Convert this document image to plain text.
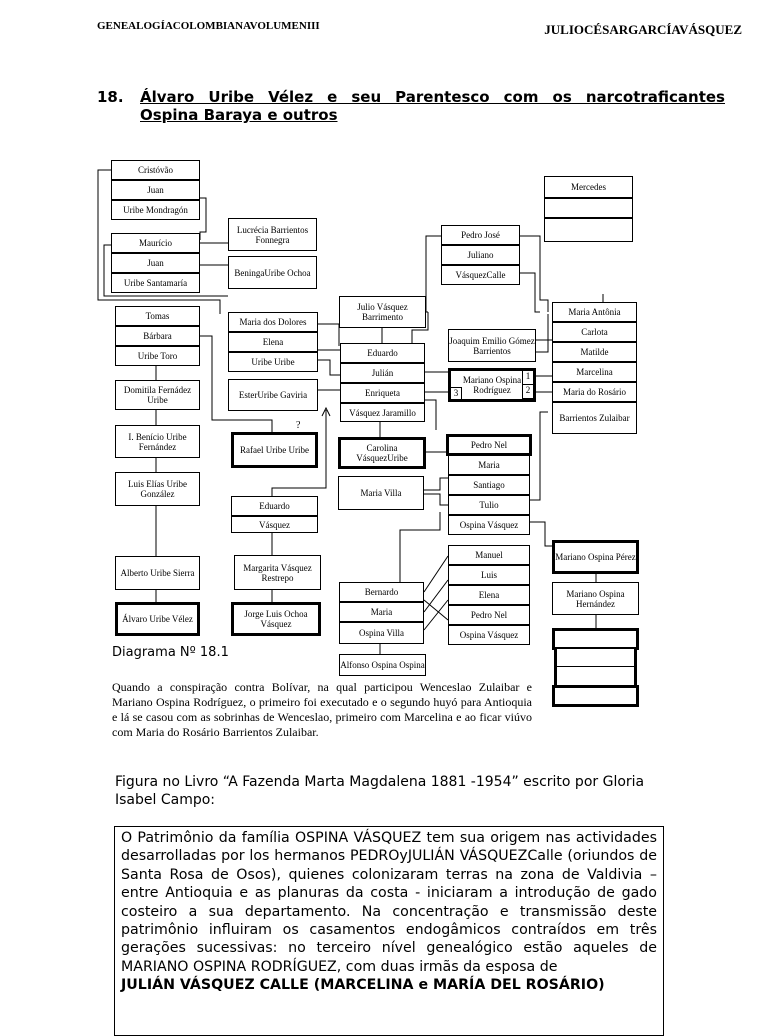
GENEALOGÍACOLOMBIANAVOLUMENIII	JULIOCÉSARGARCÍAVÁSQUEZ
18. Álvaro Uribe Vélez e seu Parentesco com os narcotraficantes
Ospina Baraya e outros
?
Cristóvão
Juan
Uribe Mondragón
Maurício
Juan
Uribe Santamaría
Lucrécia Barrientos Fonnegra
BeningaUribe Ochoa
Tomas
Bárbara
Uribe Toro
Domitila Fernádez Uribe
I. Benício Uribe Fernández
Luis Elías Uribe González
Alberto Uribe Sierra
Álvaro Uribe Vélez
Maria dos Dolores
Elena
Uribe Uribe
EsterUribe Gaviria
Rafael Uribe Uribe
Eduardo
Vásquez
Margarita Vásquez Restrepo
Jorge Luis Ochoa Vásquez
Julio Vásquez Barrimento
Eduardo
Julián
Enriqueta
Vásquez Jaramillo
Carolina VásquezUribe
Maria Villa
Pedro José
Juliano
VásquezCalle
Joaquim Emilio Gómez Barrientos
Mariano Ospina Rodríguez
1
2
3
Pedro Nel
Maria
Santiago
Tulio
Ospina Vásquez
Manuel
Luis
Elena
Pedro Nel
Ospina Vásquez
Bernardo
Maria
Ospina Villa
Alfonso Ospina Ospina
Mercedes
Maria Antônia
Carlota
Matilde
Marcelina
Maria do Rosário
Barrientos Zulaibar
Mariano Ospina Pérez
Mariano Ospina Hernández
Diagrama Nº 18.1
Quando a conspiração contra Bolívar, na qual participou Wenceslao Zulaibar e Mariano Ospina Rodríguez, o primeiro foi executado e o segundo huyó para Antioquia e lá se casou com as sobrinhas de Wenceslao, primeiro com Marcelina e ao ficar viúvo com Maria do Rosário Barrientos Zulaibar.
Figura no Livro “A Fazenda Marta Magdalena 1881 -1954” escrito por Gloria Isabel Campo:
O Patrimônio da família OSPINA VÁSQUEZ tem sua origem nas actividades desarrolladas por los hermanos PEDROyJULIÁN VÁSQUEZCalle (oriundos de Santa Rosa de Osos), quienes colonizaram terras na zona de Valdivia –entre Antioquia e as planuras da costa - iniciaram a introdução de gado costeiro a sua departamento. Na concentração e transmissão deste patrimônio influiram os casamentos endogâmicos contraídos em três gerações sucessivas: no terceiro nível genealógico estão aqueles de MARIANO OSPINA RODRÍGUEZ, com duas irmãs da esposa de
JULIÁN VÁSQUEZ CALLE (MARCELINA e MARÍA DEL ROSÁRIO)
